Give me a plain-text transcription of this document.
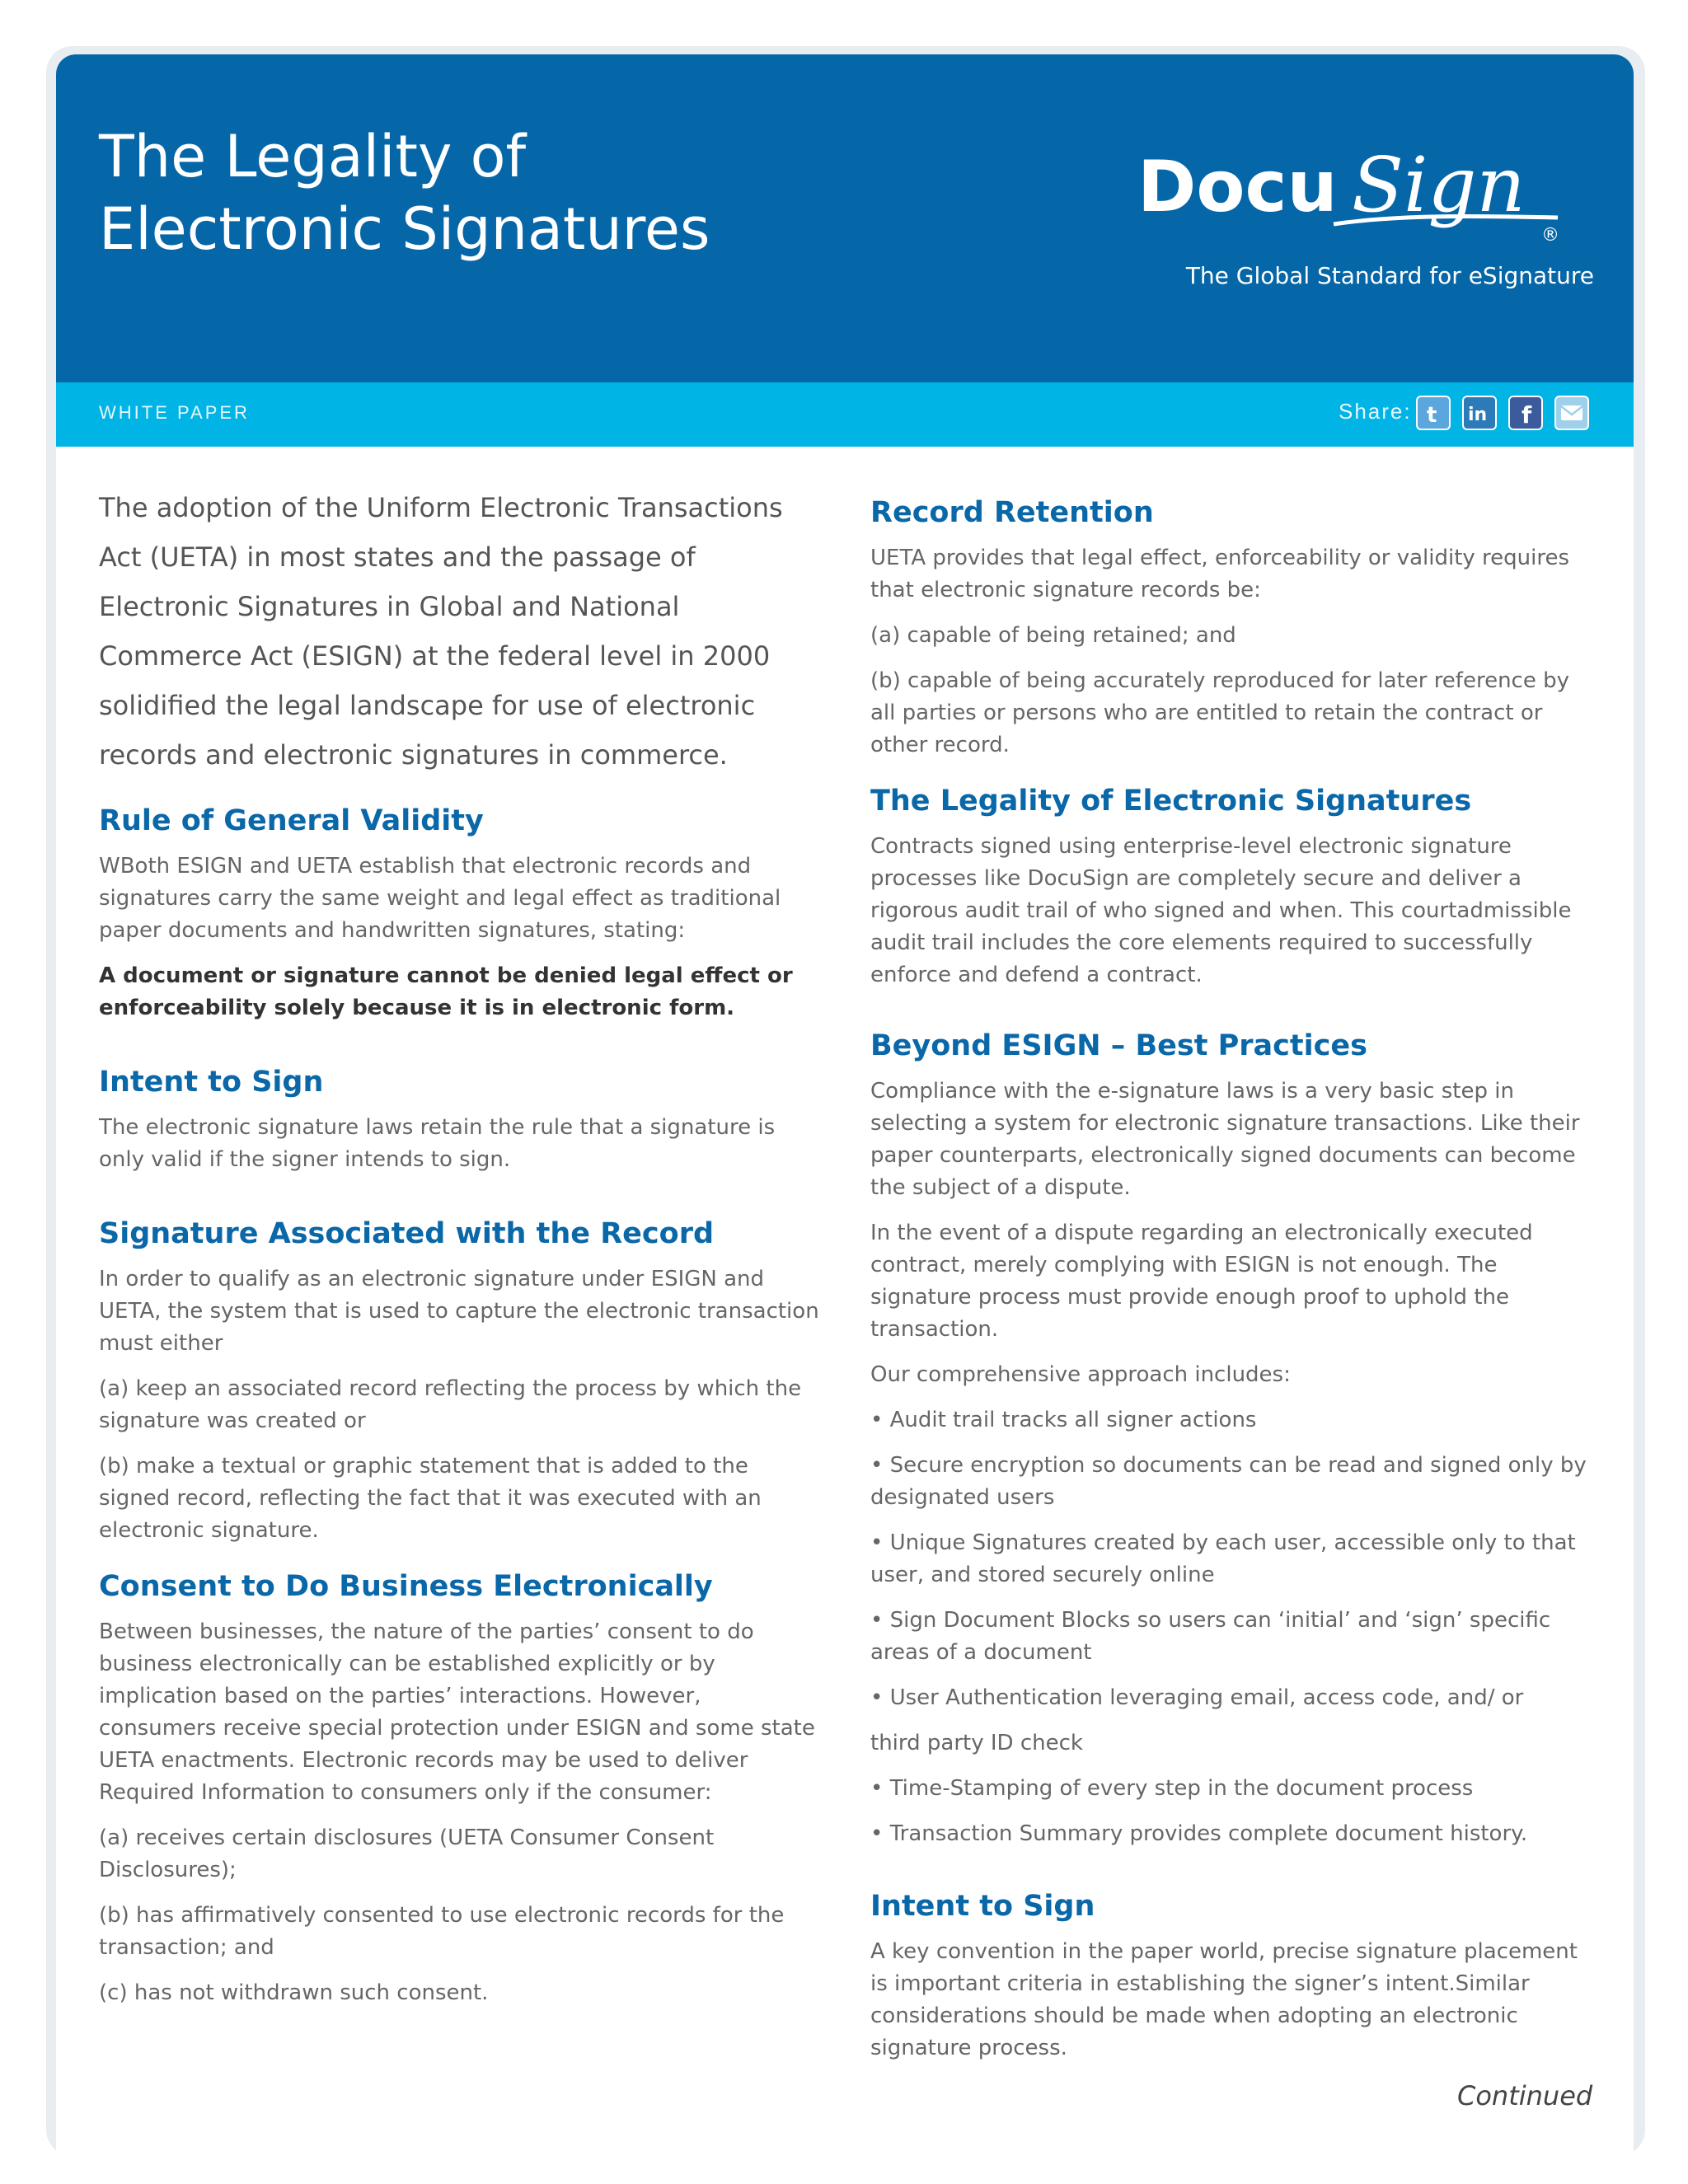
The Legality of
Electronic Signatures
Docu Sign
®
The Global Standard for eSignature
WHITE PAPER	Share: t in f

The adoption of the Uniform Electronic Transactions Act (UETA) in most states and the passage of Electronic Signatures in Global and National Commerce Act (ESIGN) at the federal level in 2000 solidified the legal landscape for use of electronic records and electronic signatures in commerce.

Rule of General Validity

WBoth ESIGN and UETA establish that electronic records and signatures carry the same weight and legal effect as traditional paper documents and handwritten signatures, stating:

A document or signature cannot be denied legal effect or enforceability solely because it is in electronic form.

Intent to Sign

The electronic signature laws retain the rule that a signature is only valid if the signer intends to sign.

Signature Associated with the Record

In order to qualify as an electronic signature under ESIGN and UETA, the system that is used to capture the electronic transaction must either

(a) keep an associated record reflecting the process by which the signature was created or

(b) make a textual or graphic statement that is added to the signed record, reflecting the fact that it was executed with an electronic signature.

Consent to Do Business Electronically

Between businesses, the nature of the parties’ consent to do business electronically can be established explicitly or by implication based on the parties’ interactions. However, consumers receive special protection under ESIGN and some state UETA enactments. Electronic records may be used to deliver Required Information to consumers only if the consumer:

(a) receives certain disclosures (UETA Consumer Consent Disclosures);

(b) has affirmatively consented to use electronic records for the transaction; and

(c) has not withdrawn such consent.

Record Retention

UETA provides that legal effect, enforceability or validity requires that electronic signature records be:

(a) capable of being retained; and

(b) capable of being accurately reproduced for later reference by all parties or persons who are entitled to retain the contract or other record.

The Legality of Electronic Signatures

Contracts signed using enterprise-level electronic signature processes like DocuSign are completely secure and deliver a rigorous audit trail of who signed and when. This courtadmissible audit trail includes the core elements required to successfully enforce and defend a contract.

Beyond ESIGN – Best Practices

Compliance with the e-signature laws is a very basic step in selecting a system for electronic signature transactions. Like their paper counterparts, electronically signed documents can become the subject of a dispute.

In the event of a dispute regarding an electronically executed contract, merely complying with ESIGN is not enough. The signature process must provide enough proof to uphold the transaction.

Our comprehensive approach includes:

• Audit trail tracks all signer actions

• Secure encryption so documents can be read and signed only by designated users

• Unique Signatures created by each user, accessible only to that user, and stored securely online

• Sign Document Blocks so users can ‘initial’ and ‘sign’ specific areas of a document

• User Authentication leveraging email, access code, and/ or

third party ID check

• Time-Stamping of every step in the document process

• Transaction Summary provides complete document history.

Intent to Sign

A key convention in the paper world, precise signature placement is important criteria in establishing the signer’s intent.Similar considerations should be made when adopting an electronic signature process.

Continued
